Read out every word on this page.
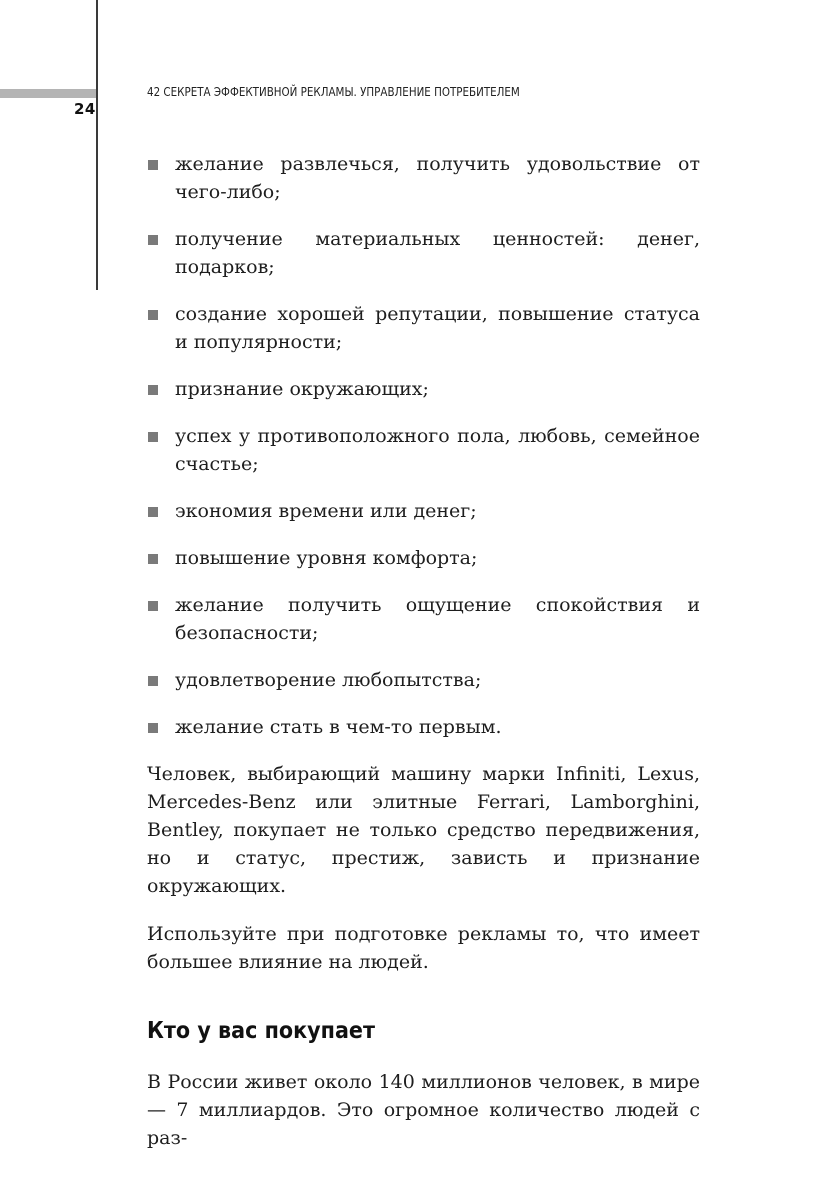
24
42 СЕКРЕТА ЭФФЕКТИВНОЙ РЕКЛАМЫ. УПРАВЛЕНИЕ ПОТРЕБИТЕЛЕМ
желание развлечься, получить удовольствие от чего-либо;
получение материальных ценностей: денег, подарков;
создание хорошей репутации, повышение статуса и популярности;
признание окружающих;
успех у противоположного пола, любовь, семейное счастье;
экономия времени или денег;
повышение уровня комфорта;
желание получить ощущение спокойствия и безопасности;
удовлетворение любопытства;
желание стать в чем-то первым.

Человек, выбирающий машину марки Infiniti, Lexus, Mercedes-Benz или элитные Ferrari, Lamborghini, Bentley, покупает не только средство передвижения, но и статус, престиж, зависть и признание окружающих.

Используйте при подготовке рекламы то, что имеет большее влияние на людей.

Кто у вас покупает

В России живет около 140 миллионов человек, в мире — 7 миллиардов. Это огромное количество людей с раз-
